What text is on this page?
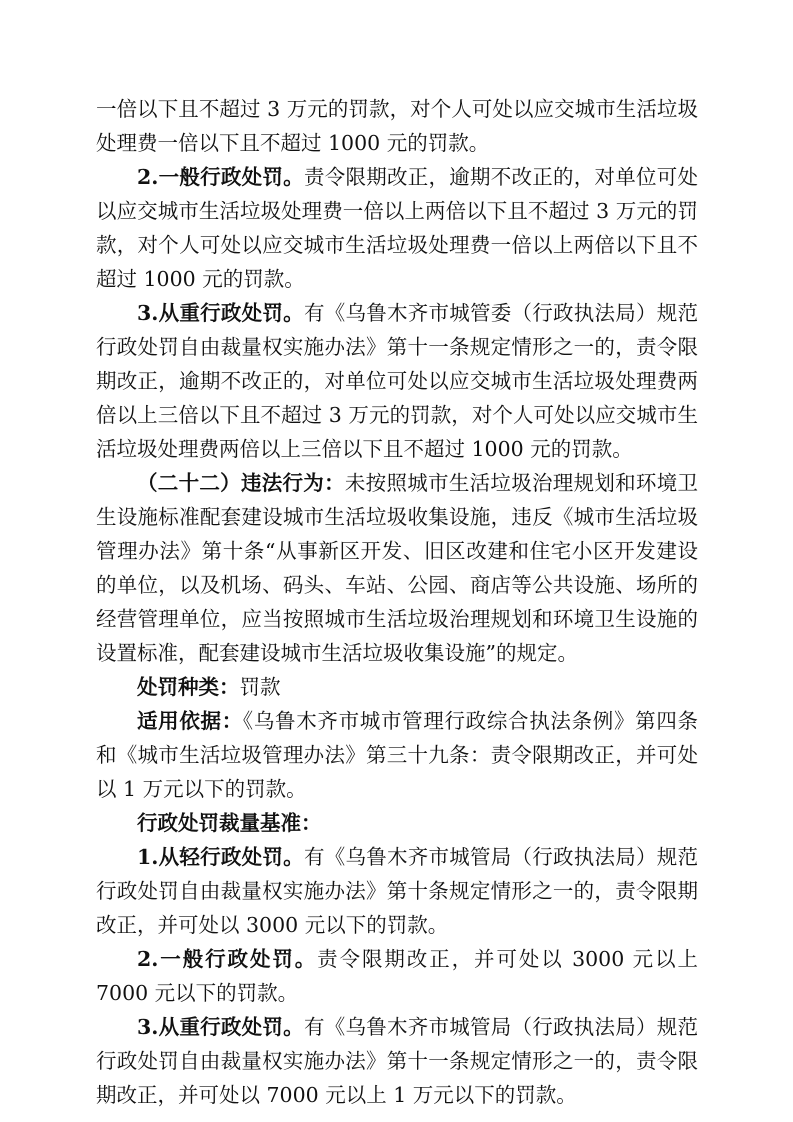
一倍以下且不超过 3 万元的罚款，对个人可处以应交城市生活垃圾处理费一倍以下且不超过 1000 元的罚款。

2.一般行政处罚。责令限期改正，逾期不改正的，对单位可处以应交城市生活垃圾处理费一倍以上两倍以下且不超过 3 万元的罚款，对个人可处以应交城市生活垃圾处理费一倍以上两倍以下且不超过 1000 元的罚款。

3.从重行政处罚。有《乌鲁木齐市城管委（行政执法局）规范行政处罚自由裁量权实施办法》第十一条规定情形之一的，责令限期改正，逾期不改正的，对单位可处以应交城市生活垃圾处理费两倍以上三倍以下且不超过 3 万元的罚款，对个人可处以应交城市生活垃圾处理费两倍以上三倍以下且不超过 1000 元的罚款。

（二十二）违法行为：未按照城市生活垃圾治理规划和环境卫生设施标准配套建设城市生活垃圾收集设施，违反《城市生活垃圾管理办法》第十条“从事新区开发、旧区改建和住宅小区开发建设的单位，以及机场、码头、车站、公园、商店等公共设施、场所的经营管理单位，应当按照城市生活垃圾治理规划和环境卫生设施的设置标准，配套建设城市生活垃圾收集设施”的规定。

处罚种类：罚款

适用依据：《乌鲁木齐市城市管理行政综合执法条例》第四条和《城市生活垃圾管理办法》第三十九条：责令限期改正，并可处以 1 万元以下的罚款。

行政处罚裁量基准：

1.从轻行政处罚。有《乌鲁木齐市城管局（行政执法局）规范行政处罚自由裁量权实施办法》第十条规定情形之一的，责令限期改正，并可处以 3000 元以下的罚款。

2.一般行政处罚。责令限期改正，并可处以 3000 元以上 7000 元以下的罚款。

3.从重行政处罚。有《乌鲁木齐市城管局（行政执法局）规范行政处罚自由裁量权实施办法》第十一条规定情形之一的，责令限期改正，并可处以 7000 元以上 1 万元以下的罚款。
